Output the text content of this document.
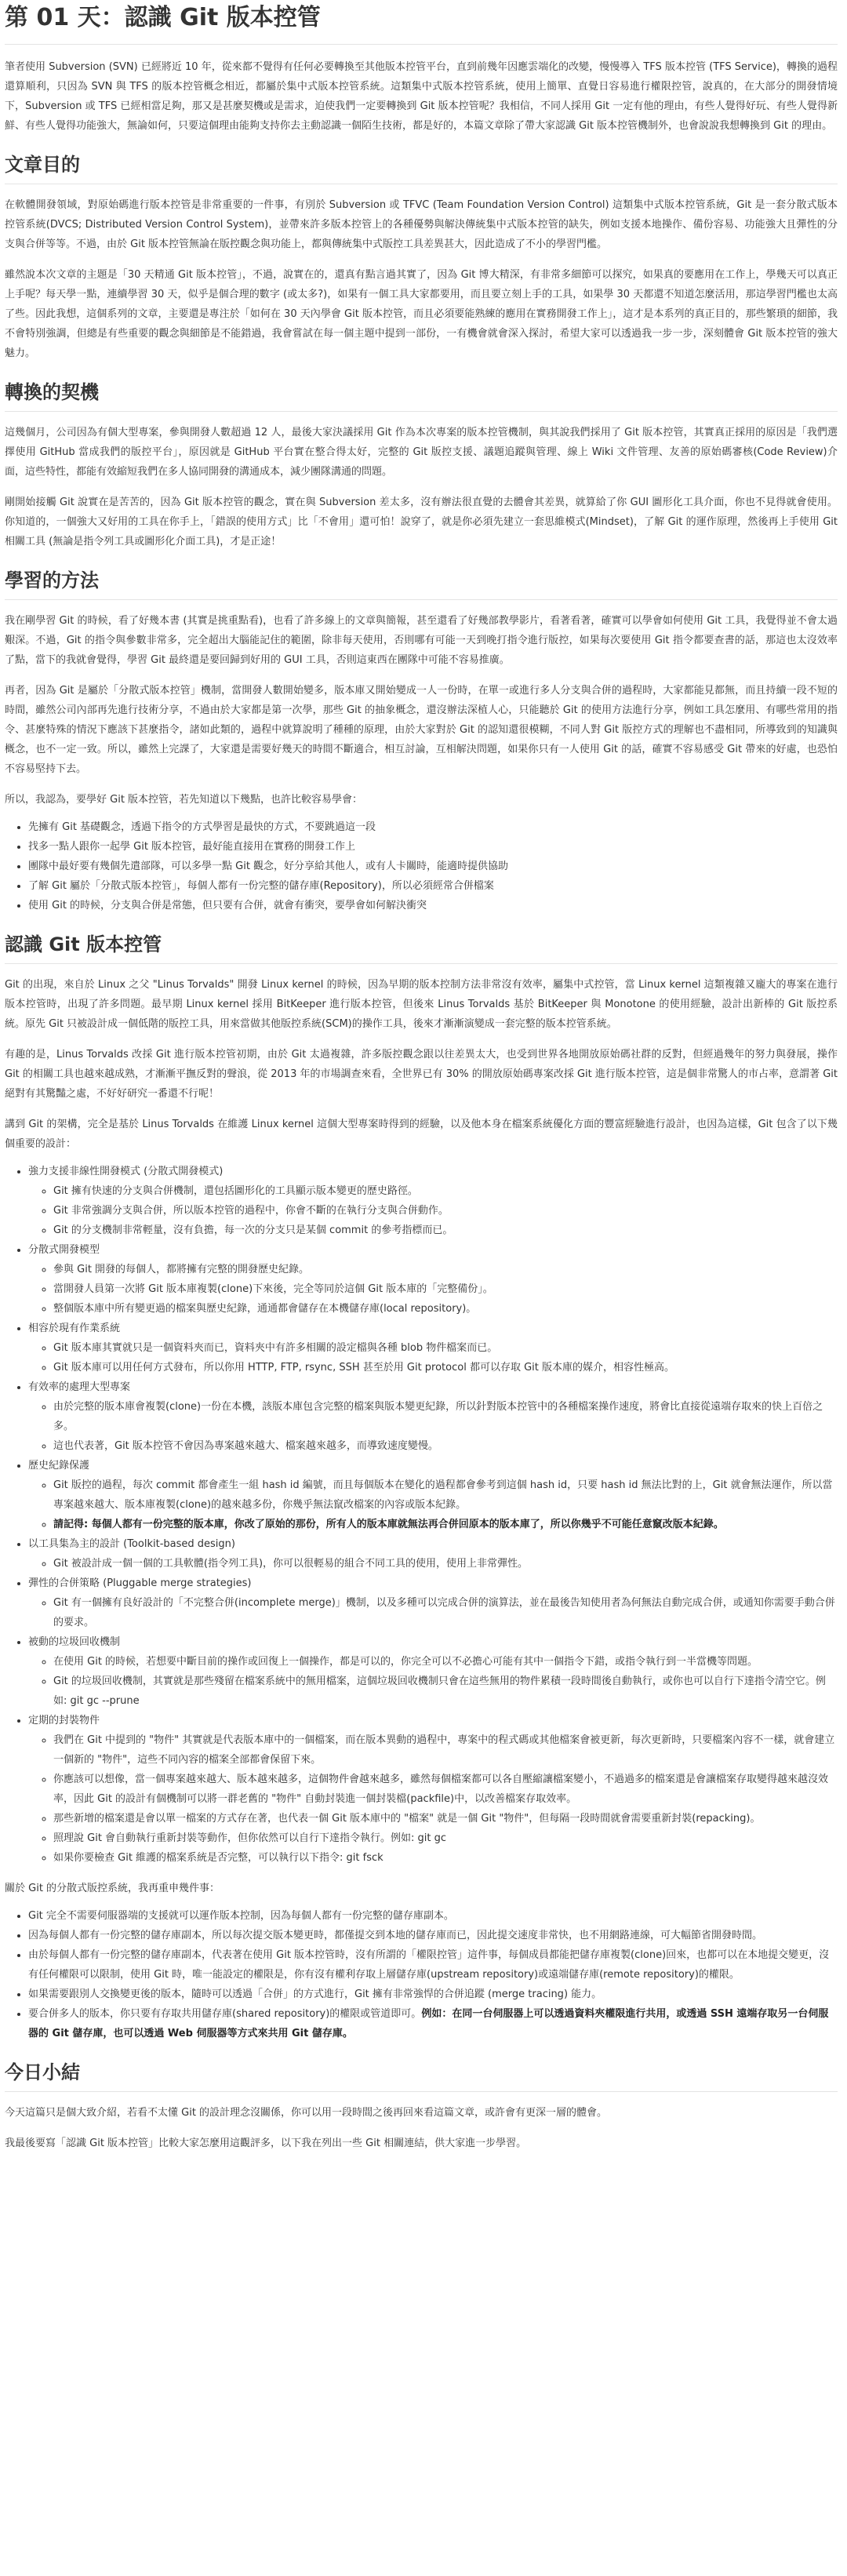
第 01 天：認識 Git 版本控管

筆者使用 Subversion (SVN) 已經將近 10 年，從來都不覺得有任何必要轉換至其他版本控管平台，直到前幾年因應雲端化的改變，慢慢導入 TFS 版本控管 (TFS Service)，轉換的過程還算順利，只因為 SVN 與 TFS 的版本控管概念相近，都屬於集中式版本控管系統。這類集中式版本控管系統，使用上簡單、直覺日容易進行權限控管，說真的，在大部分的開發情境下，Subversion 或 TFS 已經相當足夠，那又是甚麼契機或是需求，迫使我們一定要轉換到 Git 版本控管呢？我相信，不同人採用 Git 一定有他的理由，有些人覺得好玩、有些人覺得新鮮、有些人覺得功能強大，無論如何，只要這個理由能夠支持你去主動認識一個陌生技術，都是好的，本篇文章除了帶大家認識 Git 版本控管機制外，也會說說我想轉換到 Git 的理由。

文章目的

在軟體開發領域，對原始碼進行版本控管是非常重要的一件事，有別於 Subversion 或 TFVC (Team Foundation Version Control) 這類集中式版本控管系統，Git 是一套分散式版本控管系統(DVCS; Distributed Version Control System)，並帶來許多版本控管上的各種優勢與解決傳統集中式版本控管的缺失，例如支援本地操作、備份容易、功能強大且彈性的分支與合併等等。不過，由於 Git 版本控管無論在版控觀念與功能上，都與傳統集中式版控工具差異甚大，因此造成了不小的學習門檻。

雖然說本次文章的主題是「30 天精通 Git 版本控管」，不過，說實在的，還真有點言過其實了，因為 Git 博大精深，有非常多細節可以探究，如果真的要應用在工作上，學幾天可以真正上手呢？每天學一點，連續學習 30 天，似乎是個合理的數字 (或太多?)，如果有一個工具大家都要用，而且要立刻上手的工具，如果學 30 天都還不知道怎麼活用，那這學習門檻也太高了些。因此我想，這個系列的文章，主要還是專注於「如何在 30 天內學會 Git 版本控管，而且必須要能熟練的應用在實務開發工作上」，這才是本系列的真正目的，那些繁瑣的細節，我不會特別強調，但總是有些重要的觀念與細節是不能錯過，我會嘗試在每一個主題中提到一部份，一有機會就會深入探討，希望大家可以透過我一步一步，深刻體會 Git 版本控管的強大魅力。

轉換的契機

這幾個月，公司因為有個大型專案，參與開發人數超過 12 人，最後大家決議採用 Git 作為本次專案的版本控管機制，與其說我們採用了 Git 版本控管，其實真正採用的原因是「我們選擇使用 GitHub 當成我們的版控平台」，原因就是 GitHub 平台實在整合得太好，完整的 Git 版控支援、議題追蹤與管理、線上 Wiki 文件管理、友善的原始碼審核(Code Review)介面，這些特性，都能有效縮短我們在多人協同開發的溝通成本，減少團隊溝通的問題。

剛開始接觸 Git 說實在是苦苦的，因為 Git 版本控管的觀念，實在與 Subversion 差太多，沒有辦法很直覺的去體會其差異，就算給了你 GUI 圖形化工具介面，你也不見得就會使用。你知道的，一個強大又好用的工具在你手上，「錯誤的使用方式」比「不會用」還可怕！說穿了，就是你必須先建立一套思維模式(Mindset)，了解 Git 的運作原理，然後再上手使用 Git 相關工具 (無論是指令列工具或圖形化介面工具)，才是正途！

學習的方法

我在剛學習 Git 的時候，看了好幾本書 (其實是挑重點看)，也看了許多線上的文章與簡報，甚至還看了好幾部教學影片，看著看著，確實可以學會如何使用 Git 工具，我覺得並不會太過艱深。不過，Git 的指令與參數非常多，完全超出大腦能記住的範圍，除非每天使用，否則哪有可能一天到晚打指令進行版控，如果每次要使用 Git 指令都要查書的話，那這也太沒效率了點，當下的我就會覺得，學習 Git 最終還是要回歸到好用的 GUI 工具，否則這東西在團隊中可能不容易推廣。

再者，因為 Git 是屬於「分散式版本控管」機制，當開發人數開始變多，版本庫又開始變成一人一份時，在單一或進行多人分支與合併的過程時，大家都能見都無，而且持續一段不短的時間，雖然公司內部再先進行技術分享，不過由於大家都是第一次學，那些 Git 的抽象概念，還沒辦法深植人心，只能聽於 Git 的使用方法進行分享，例如工具怎麼用、有哪些常用的指令、甚麼特殊的情況下應該下甚麼指令，諸如此類的，過程中就算說明了種種的原理，由於大家對於 Git 的認知還很模糊，不同人對 Git 版控方式的理解也不盡相同，所導致到的知識與概念，也不一定一致。所以，雖然上完課了，大家還是需要好幾天的時間不斷適合，相互討論，互相解決問題，如果你只有一人使用 Git 的話，確實不容易感受 Git 帶來的好處，也恐怕不容易堅持下去。

所以，我認為，要學好 Git 版本控管，若先知道以下幾點，也許比較容易學會：

• 先擁有 Git 基礎觀念，透過下指令的方式學習是最快的方式，不要跳過這一段
• 找多一點人跟你一起學 Git 版本控管，最好能直接用在實務的開發工作上
• 團隊中最好要有幾個先遣部隊，可以多學一點 Git 觀念，好分享給其他人，或有人卡關時，能適時提供協助
• 了解 Git 屬於「分散式版本控管」，每個人都有一份完整的儲存庫(Repository)，所以必須經常合併檔案
• 使用 Git 的時候，分支與合併是常態，但只要有合併，就會有衝突，要學會如何解決衝突
認識 Git 版本控管

Git 的出現，來自於 Linux 之父 "Linus Torvalds" 開發 Linux kernel 的時候，因為早期的版本控制方法非常沒有效率，屬集中式控管，當 Linux kernel 這類複雜又龐大的專案在進行版本控管時，出現了許多問題。最早期 Linux kernel 採用 BitKeeper 進行版本控管，但後來 Linus Torvalds 基於 BitKeeper 與 Monotone 的使用經驗，設計出新棒的 Git 版控系統。原先 Git 只被設計成一個低階的版控工具，用來當做其他版控系統(SCM)的操作工具，後來才漸漸演變成一套完整的版本控管系統。

有趣的是，Linus Torvalds 改採 Git 進行版本控管初期，由於 Git 太過複雜，許多版控觀念跟以往差異太大，也受到世界各地開放原始碼社群的反對，但經過幾年的努力與發展，操作 Git 的相關工具也越來越成熟，才漸漸平撫反對的聲浪，從 2013 年的市場調查來看，全世界已有 30% 的開放原始碼專案改採 Git 進行版本控管，這是個非常驚人的市占率，意謂著 Git 絕對有其驚豔之處，不好好研究一番還不行呢！

講到 Git 的架構，完全是基於 Linus Torvalds 在維護 Linux kernel 這個大型專案時得到的經驗，以及他本身在檔案系統優化方面的豐富經驗進行設計，也因為這樣，Git 包含了以下幾個重要的設計：

• 強力支援非線性開發模式 (分散式開發模式)
◦ Git 擁有快速的分支與合併機制，還包括圖形化的工具顯示版本變更的歷史路徑。
◦ Git 非常強調分支與合併，所以版本控管的過程中，你會不斷的在執行分支與合併動作。
◦ Git 的分支機制非常輕量，沒有負擔，每一次的分支只是某個 commit 的參考指標而已。
• 分散式開發模型
◦ 參與 Git 開發的每個人，都將擁有完整的開發歷史紀錄。
◦ 當開發人員第一次將 Git 版本庫複製(clone)下來後，完全等同於這個 Git 版本庫的「完整備份」。
◦ 整個版本庫中所有變更過的檔案與歷史紀錄，通通都會儲存在本機儲存庫(local repository)。
• 相容於現有作業系統
◦ Git 版本庫其實就只是一個資料夾而已，資料夾中有許多相關的設定檔與各種 blob 物件檔案而已。
◦ Git 版本庫可以用任何方式發布，所以你用 HTTP, FTP, rsync, SSH 甚至於用 Git protocol 都可以存取 Git 版本庫的媒介，相容性極高。
• 有效率的處理大型專案
◦ 由於完整的版本庫會複製(clone)一份在本機，該版本庫包含完整的檔案與版本變更紀錄，所以針對版本控管中的各種檔案操作速度，將會比直接從遠端存取來的快上百倍之多。
◦ 這也代表著，Git 版本控管不會因為專案越來越大、檔案越來越多，而導致速度變慢。
• 歷史紀錄保護
◦ Git 版控的過程，每次 commit 都會產生一組 hash id 編號，而且每個版本在變化的過程都會參考到這個 hash id，只要 hash id 無法比對的上，Git 就會無法運作，所以當專案越來越大、版本庫複製(clone)的越來越多份，你幾乎無法竄改檔案的內容或版本紀錄。
◦ 請記得: 每個人都有一份完整的版本庫，你改了原始的那份，所有人的版本庫就無法再合併回原本的版本庫了，所以你幾乎不可能任意竄改版本紀錄。
• 以工具集為主的設計 (Toolkit-based design)
◦ Git 被設計成一個一個的工具軟體(指令列工具)，你可以很輕易的組合不同工具的使用，使用上非常彈性。
• 彈性的合併策略 (Pluggable merge strategies)
◦ Git 有一個擁有良好設計的「不完整合併(incomplete merge)」機制，以及多種可以完成合併的演算法，並在最後告知使用者為何無法自動完成合併，或通知你需要手動合併的要求。
• 被動的垃圾回收機制
◦ 在使用 Git 的時候，若想要中斷目前的操作或回復上一個操作，都是可以的，你完全可以不必擔心可能有其中一個指令下錯，或指令執行到一半當機等問題。
◦ Git 的垃圾回收機制，其實就是那些殘留在檔案系統中的無用檔案，這個垃圾回收機制只會在這些無用的物件累積一段時間後自動執行，或你也可以自行下達指令清空它。例如: git gc --prune
• 定期的封裝物件
◦ 我們在 Git 中提到的 "物件" 其實就是代表版本庫中的一個檔案，而在版本異動的過程中，專案中的程式碼或其他檔案會被更新，每次更新時，只要檔案內容不一樣，就會建立一個新的 "物件"，這些不同內容的檔案全部都會保留下來。
◦ 你應該可以想像，當一個專案越來越大、版本越來越多，這個物件會越來越多，雖然每個檔案都可以各自壓縮讓檔案變小，不過過多的檔案還是會讓檔案存取變得越來越沒效率，因此 Git 的設計有個機制可以將一群老舊的 "物件" 自動封裝進一個封裝檔(packfile)中，以改善檔案存取效率。
◦ 那些新增的檔案還是會以單一檔案的方式存在著，也代表一個 Git 版本庫中的 "檔案" 就是一個 Git "物件"，但每隔一段時間就會需要重新封裝(repacking)。
◦ 照理說 Git 會自動執行重新封裝等動作，但你依然可以自行下達指令執行。例如: git gc
◦ 如果你要檢查 Git 維護的檔案系統是否完整，可以執行以下指令: git fsck

關於 Git 的分散式版控系統，我再重申幾件事：

• Git 完全不需要伺服器端的支援就可以運作版本控制，因為每個人都有一份完整的儲存庫副本。
• 因為每個人都有一份完整的儲存庫副本，所以每次提交版本變更時，都僅提交到本地的儲存庫而已，因此提交速度非常快，也不用網路連線，可大幅節省開發時間。
• 由於每個人都有一份完整的儲存庫副本，代表著在使用 Git 版本控管時，沒有所謂的「權限控管」這件事，每個成員都能把儲存庫複製(clone)回來，也都可以在本地提交變更，沒有任何權限可以限制，使用 Git 時，唯一能設定的權限是，你有沒有權利存取上層儲存庫(upstream repository)或遠端儲存庫(remote repository)的權限。
• 如果需要跟別人交換變更後的版本，隨時可以透過「合併」的方式進行，Git 擁有非常強悍的合併追蹤 (merge tracing) 能力。
• 要合併多人的版本，你只要有存取共用儲存庫(shared repository)的權限或管道即可。例如：在同一台伺服器上可以透過資料夾權限進行共用，或透過 SSH 遠端存取另一台伺服器的 Git 儲存庫，也可以透過 Web 伺服器等方式來共用 Git 儲存庫。
今日小結

今天這篇只是個大致介紹，若看不太懂 Git 的設計理念沒關係，你可以用一段時間之後再回來看這篇文章，或許會有更深一層的體會。

我最後要寫「認識 Git 版本控管」比較大家怎麼用這觀評多，以下我在列出一些 Git 相關連結，供大家進一步學習。
